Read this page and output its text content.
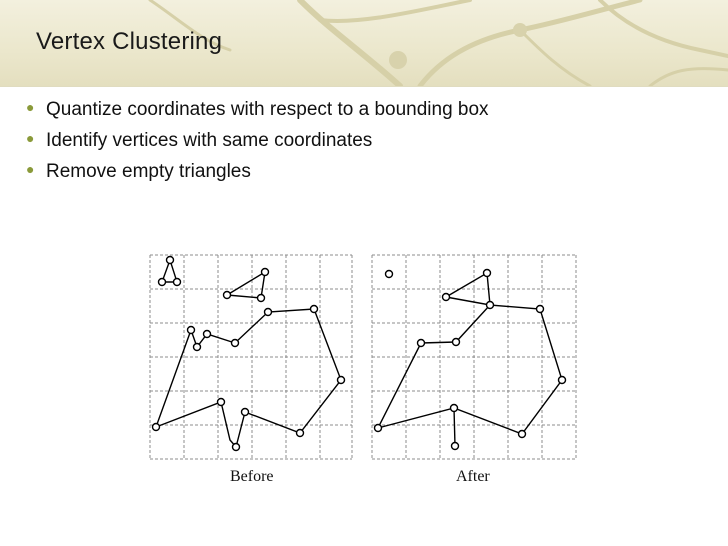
Vertex Clustering
● Quantize coordinates with respect to a bounding box
● Identify vertices with same coordinates
● Remove empty triangles
Before	After
